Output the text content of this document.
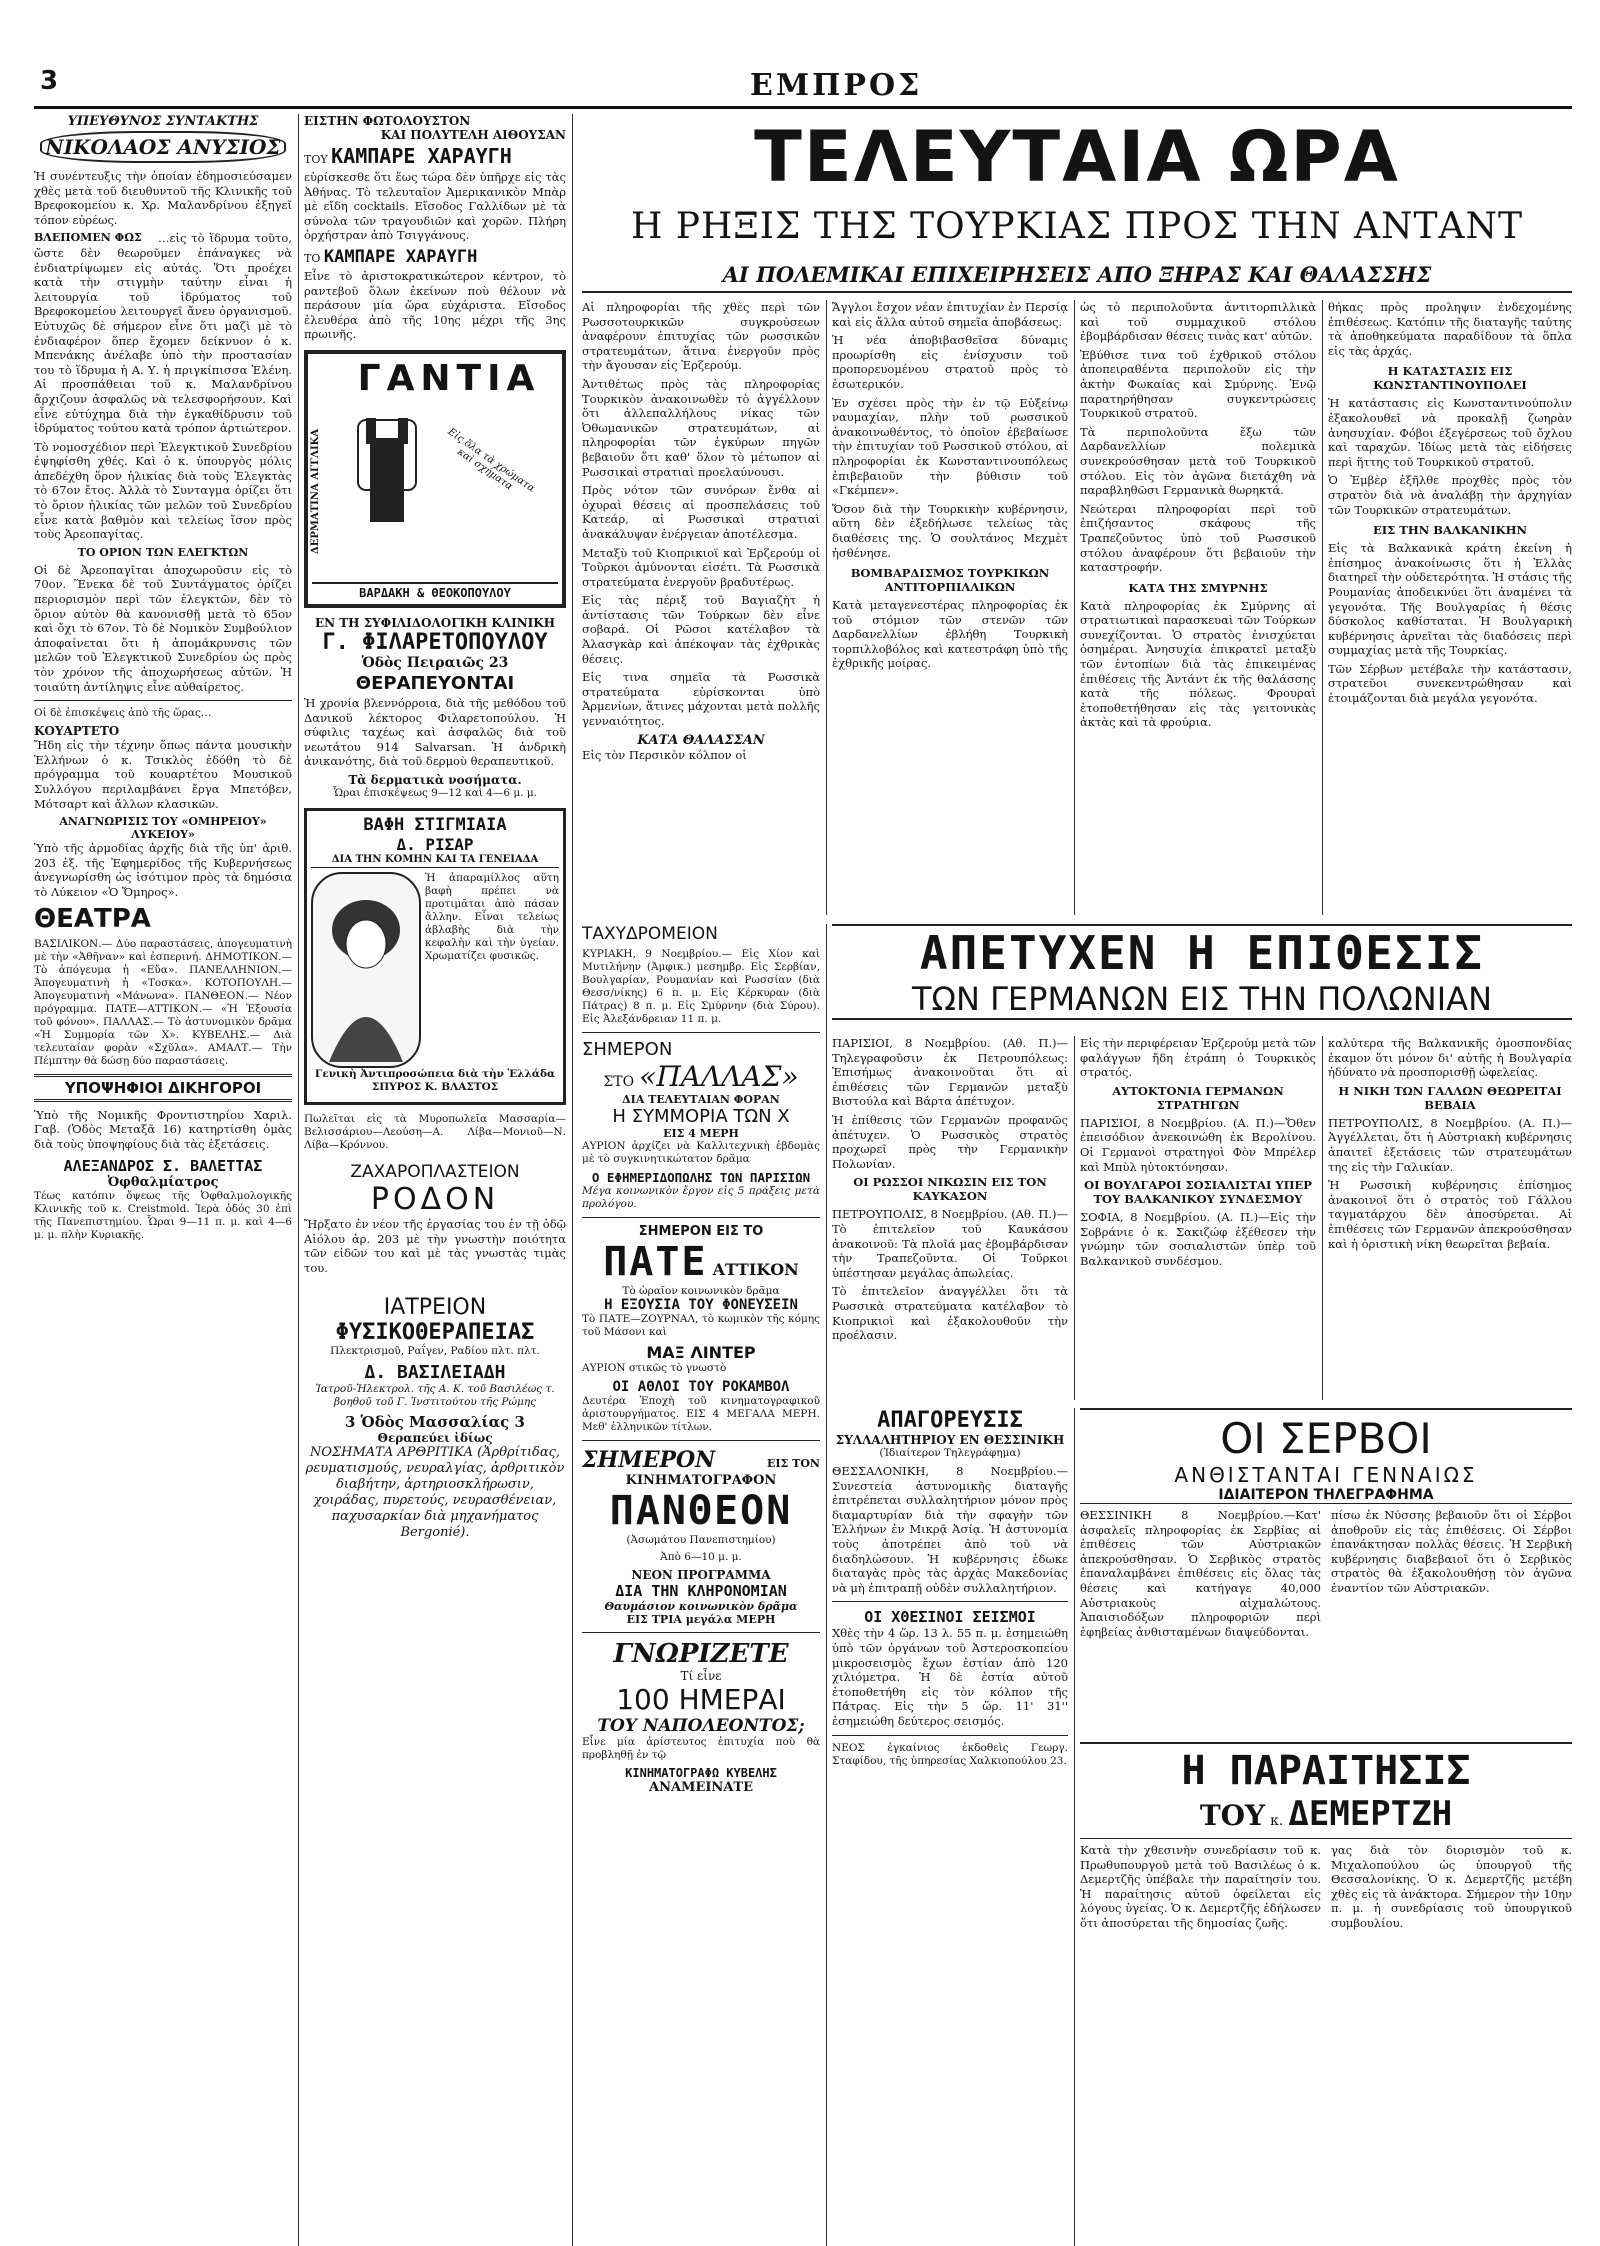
3	ΕΜΠΡΟΣ
ΥΠΕΥΘΥΝΟΣ ΣΥΝΤΑΚΤΗΣ
ΝΙΚΟΛΑΟΣ ΑΝΥΣΙΟΣ
Ἡ συνέντευξις τὴν ὁποίαν ἐδημοσιεύσαμεν χθὲς μετὰ τοῦ διευθυντοῦ τῆς Κλινικῆς τοῦ Βρεφοκομείου κ. Χρ. Μαλανδρίνου ἐξηγεῖ τόπον εὐρέως.
ΒΛΕΠΟΜΕΝ ΦΩΣ	…εἰς τὸ ἵδρυμα τοῦτο, ὥστε δὲν θεωροῦμεν ἐπάναγκες νὰ ἐνδιατρίψωμεν εἰς αὐτάς. Ὅτι προέχει κατὰ τὴν στιγμὴν ταύτην εἶναι ἡ λειτουργία τοῦ ἱδρύματος τοῦ Βρεφοκομείου λειτουργεῖ ἄνευ ὀργανισμοῦ. Εὐτυχῶς δὲ σήμερον εἶνε ὅτι μαζὶ μὲ τὸ ἐνδιαφέρον ὅπερ ἔχομεν δείκνυον ὁ κ. Μπενάκης ἀνέλαβε ὑπὸ τὴν προστασίαν του τὸ ἵδρυμα ἡ Α. Υ. ἡ πριγκίπισσα Ἑλένη. Αἱ προσπάθειαι τοῦ κ. Μαλανδρίνου ἄρχιζουν ἀσφαλῶς νὰ τελεσφορήσουν. Καὶ εἶνε εὐτύχημα διὰ τὴν ἐγκαθίδρυσιν τοῦ ἱδρύματος τούτου κατὰ τρόπον ἀρτιώτερον.
Τὸ νομοσχέδιον περὶ Ἐλεγκτικοῦ Συνεδρίου ἐψηφίσθη χθές. Καὶ ὁ κ. ὑπουργὸς μόλις ἀπεδέχθη ὅρον ἡλικίας διὰ τοὺς Ἐλεγκτὰς τὸ 67ον ἔτος. Ἀλλὰ τὸ Συνταγμα ὁρίζει ὅτι τὸ ὅριον ἡλικίας τῶν μελῶν τοῦ Συνεδρίου εἶνε κατὰ βαθμὸν καὶ τελείως ἴσον πρὸς τοὺς Ἀρεοπαγίτας.
ΤΟ ΟΡΙΟΝ ΤΩΝ ΕΛΕΓΚΤΩΝ
Οἱ δὲ Ἀρεοπαγῖται ἀποχωροῦσιν εἰς τὸ 70ον. Ἕνεκα δὲ τοῦ Συντάγματος ὁρίζει περιορισμὸν περὶ τῶν ἐλεγκτῶν, δὲν τὸ ὅριον αὐτὸν θὰ κανονισθῇ μετὰ τὸ 65ον καὶ ὄχι τὸ 67ον. Τὸ δὲ Νομικὸν Συμβούλιον ἀποφαίνεται ὅτι ἡ ἀπομάκρυνσις τῶν μελῶν τοῦ Ἐλεγκτικοῦ Συνεδρίου ὡς πρὸς τὸν χρόνον τῆς ἀποχωρήσεως αὐτῶν. Ἡ τοιαύτη ἀντίληψις εἶνε αὐθαίρετος.
Οἱ δὲ ἐπισκέψεις ἀπὸ τῆς ὥρας…
ΚΟΥΑΡΤΕΤΟ
Ἤδη εἰς τὴν τέχνην ὅπως πάντα μουσικὴν Ἑλλήνων ὁ κ. Τσικλὸς ἐδόθη τὸ δὲ πρόγραμμα τοῦ κουαρτέτου Μουσικοῦ Συλλόγου περιλαμβάνει ἔργα Μπετόβεν, Μότσαρτ καὶ ἄλλων κλασικῶν.
ΑΝΑΓΝΩΡΙΣΙΣ ΤΟΥ «ΟΜΗΡΕΙΟΥ» ΛΥΚΕΙΟΥ»
Ὑπὸ τῆς ἀρμοδίας ἀρχῆς διὰ τῆς ὑπ' ἀριθ. 203 ἐξ. τῆς Ἐφημερίδος τῆς Κυβερνήσεως ἀνεγνωρίσθη ὡς ἰσότιμον πρὸς τὰ δημόσια τὸ Λύκειον «Ὁ Ὅμηρος».
ΘΕΑΤΡΑ
ΒΑΣΙΛΙΚΟΝ.— Δύο παραστάσεις, ἀπογευματινὴ μὲ τὴν «Ἀθῆναν» καὶ ἐσπερινή. ΔΗΜΟΤΙΚΟΝ.— Τὸ ἀπόγευμα ἡ «Εὔα». ΠΑΝΕΛΛΗΝΙΟΝ.— Ἀπογευματινὴ ἡ «Τοσκα». ΚΟΤΟΠΟΥΛΗ.— Ἀπογευματινὴ «Μάνωνα». ΠΑΝΘΕΟΝ.— Νέον πρόγραμμα. ΠΑΤΕ—ΑΤΤΙΚΟΝ.— «Ἡ Ἐξουσία τοῦ φόνου». ΠΑΛΛΑΣ.— Τὸ ἀστυνομικὸν δρᾶμα «Ἡ Συμμορία τῶν Χ». ΚΥΒΕΛΗΣ.— Διὰ τελευταίαν φορὰν «Σχῦλα». ΑΜΑΛΤ.— Τὴν Πέμπτην θὰ δώσῃ δύο παραστάσεις.
ΥΠΟΨΗΦΙΟΙ ΔΙΚΗΓΟΡΟΙ
Ὑπὸ τῆς Νομικῆς Φροντιστηρίου Χαριλ. Γαβ. (Ὁδὸς Μεταξᾶ 16) κατηρτίσθη ὁμὰς διὰ τοὺς ὑποψηφίους διὰ τὰς ἐξετάσεις.
ΑΛΕΞΑΝΔΡΟΣ Σ. ΒΑΛΕΤΤΑΣ
Ὀφθαλμίατρος
Τέως κατόπιν ὄψεως τῆς Ὀφθαλμολογικῆς Κλινικῆς τοῦ κ. Creistmold. Ἱερὰ ὁδός 30 ἐπὶ τῆς Πανεπιστημίου. Ὧραι 9—11 π. μ. καὶ 4—6 μ. μ. πλὴν Κυριακῆς.
ΕΙΣΤΗΝ ΦΩΤΟΛΟΥΣΤΟΝ
ΚΑΙ ΠΟΛΥΤΕΛΗ ΑΙΘΟΥΣΑΝ
ΤΟΥ ΚΑΜΠΑΡΕ ΧΑΡΑΥΓΗ
εὑρίσκεσθε ὅτι ἕως τώρα δὲν ὑπῆρχε εἰς τὰς Ἀθήνας. Τὸ τελευταῖον Ἀμερικανικὸν Μπὰρ μὲ εἴδη cocktails. Εἴσοδος Γαλλίδων μὲ τὰ σύνολα τῶν τραγουδιῶν καὶ χορῶν. Πλήρη ὀρχήστραν ἀπὸ Τσιγγάνους.
ΤΟ ΚΑΜΠΑΡΕ ΧΑΡΑΥΓΗ
Εἶνε τὸ ἀριστοκρατικώτερον κέντρον, τὸ ραντεβοῦ ὅλων ἐκείνων ποὺ θέλουν νὰ περάσουν μία ὥρα εὐχάριστα. Εἴσοδος ἐλευθέρα ἀπὸ τῆς 10ης μέχρι τῆς 3ης πρωινῆς.
ΓΑΝΤΙΑ
ΔΕΡΜΑΤΙΝΑ ΑΓΓΛΙΚΑ	Εἰς ὅλα τὰ χρώματα καὶ σχήματα
ΒΑΡΔΑΚΗ & ΘΕΟΚΟΠΟΥΛΟΥ
ΕΝ ΤΗ ΣΥΦΙΛΙΔΟΛΟΓΙΚΗ ΚΛΙΝΙΚΗ
Γ. ΦΙΛΑΡΕΤΟΠΟΥΛΟΥ
Ὁδὸς Πειραιῶς 23
ΘΕΡΑΠΕΥΟΝΤΑΙ
Ἡ χρονία βλεννόρροια, διὰ τῆς μεθόδου τοῦ Δανικοῦ λέκτορος Φιλαρετοπούλου. Ἡ σύφιλις ταχέως καὶ ἀσφαλῶς διὰ τοῦ νεωτάτου 914 Salvarsan. Ἡ ἀνδρικὴ ἀνικανότης, διὰ τοῦ δερμοὺ θεραπευτικοῦ.
Τὰ δερματικὰ νοσήματα.
Ὧραι ἐπισκέψεως 9—12 καὶ 4—6 μ. μ.
ΒΑΦΗ ΣΤΙΓΜΙΑΙΑ
Δ. ΡΙΣΑΡ
ΔΙΑ ΤΗΝ ΚΟΜΗΝ ΚΑΙ ΤΑ ΓΕΝΕΙΑΔΑ
Ἡ ἀπαραμίλλος αὕτη βαφὴ πρέπει νὰ προτιμᾶται ἀπὸ πάσαν ἄλλην. Εἶναι τελείως ἀβλαβὴς διὰ τὴν κεφαλὴν καὶ τὴν ὑγείαν. Χρωματίζει φυσικῶς.
Γενικὴ Ἀντιπροσώπεια διὰ τὴν Ἑλλάδα ΣΠΥΡΟΣ Κ. ΒΛΑΣΤΟΣ
Πωλεῖται εἰς τὰ Μυροπωλεῖα Μασσαρία—Βελισσάριου—Λεούση—Α. Λίβα—Μονιοῦ—Ν. Λίβα—Κρόννου.
ΖΑΧΑΡΟΠΛΑΣΤΕΙΟΝ
ΡΟΔΟΝ
Ἤρξατο ἐν νέον τῆς ἐργασίας του ἐν τῇ ὁδῷ Αἰόλου ἀρ. 203 μὲ τὴν γνωστὴν ποιότητα τῶν εἰδῶν του καὶ μὲ τὰς γνωστὰς τιμὰς του.
ΙΑΤΡΕΙΟΝ
ΦΥΣΙΚΟΘΕΡΑΠΕΙΑΣ
Πλεκτρισμοῦ, Ραΐγεν, Ραδίου πλτ. πλτ.
Δ. ΒΑΣΙΛΕΙΑΔΗ
Ἰατροῦ-Ἠλεκτρολ. τῆς Α. Κ. τοῦ Βασιλέως τ. βοηθοῦ τοῦ Γ. Ἰνστιτούτου τῆς Ρώμης
3 Ὁδὸς Μασσαλίας 3
Θεραπεύει ἰδίως
ΝΟΣΗΜΑΤΑ ΑΡΘΡΙΤΙΚΑ (Ἀρθρίτιδας, ρευματισμούς, νευραλγίας, ἀρθριτικὸν διαβήτην, ἀρτηριοσκλήρωσιν, χοιράδας, πυρετούς, νευρασθένειαν, παχυσαρκίαν διὰ μηχανήματος Bergonié).
ΤΕΛΕΥΤΑΙΑ ΩΡΑ
Η ΡΗΞΙΣ ΤΗΣ ΤΟΥΡΚΙΑΣ ΠΡΟΣ ΤΗΝ ΑΝΤΑΝΤ
ΑΙ ΠΟΛΕΜΙΚΑΙ ΕΠΙΧΕΙΡΗΣΕΙΣ ΑΠΟ ΞΗΡΑΣ ΚΑΙ ΘΑΛΑΣΣΗΣ
Αἱ πληροφορίαι τῆς χθὲς περὶ τῶν Ρωσσοτουρκικῶν συγκρούσεων ἀναφέρουν ἐπιτυχίας τῶν ρωσσικῶν στρατευμάτων, ἅτινα ἐνεργοῦν πρὸς τὴν ἄγουσαν εἰς Ἐρζερούμ.
Ἀντιθέτως πρὸς τὰς πληροφορίας Τουρκικὸν ἀνακοινωθὲν τὸ ἀγγέλλουν ὅτι ἀλλεπαλλήλους νίκας τῶν Ὀθωμανικῶν στρατευμάτων, αἱ πληροφορίαι τῶν ἐγκύρων πηγῶν βεβαιοῦν ὅτι καθ' ὅλον τὸ μέτωπον αἱ Ρωσσικαὶ στρατιαὶ προελαύνουσι.
Πρὸς νότον τῶν συνόρων ἔνθα αἱ ὀχυραὶ θέσεις αἱ προσπελάσεις τοῦ Κατεάρ, αἱ Ρωσσικαὶ στρατιαὶ ἀνακάλυψαν ἐνέργειαν ἀποτέλεσμα.
Μεταξὺ τοῦ Κιοπρικιοϊ καὶ Ἐρζερούμ οἱ Τοῦρκοι ἀμύνονται εἰσέτι. Τὰ Ρωσσικὰ στρατεύματα ἐνεργοῦν βραδυτέρως.
Εἰς τὰς πέριξ τοῦ Βαγιαζὴτ ἡ ἀντίστασις τῶν Τούρκων δὲν εἶνε σοβαρά. Οἱ Ρῶσοι κατέλαβον τὰ Ἀλασγκὰρ καὶ ἀπέκοψαν τὰς ἐχθρικὰς θέσεις.
Εἰς τινα σημεῖα τὰ Ρωσσικὰ στρατεύματα εὑρίσκονται ὑπὸ Ἀρμενίων, ἅτινες μάχονται μετὰ πολλῆς γενναιότητος.
ΚΑΤΑ ΘΑΛΑΣΣΑΝ
Εἰς τὸν Περσικὸν κόλπον οἱ
Ἄγγλοι ἔσχον νέαν ἐπιτυχίαν ἐν Περσίᾳ καὶ εἰς ἄλλα αὐτοῦ σημεῖα ἀποβάσεως.
Ἡ νέα ἀποβιβασθεῖσα δύναμις προωρίσθη εἰς ἐνίσχυσιν τοῦ προπορευομένου στρατοῦ πρὸς τὸ ἐσωτερικόν.
Ἐν σχέσει πρὸς τὴν ἐν τῷ Εὐξείνῳ ναυμαχίαν, πλὴν τοῦ ρωσσικοῦ ἀνακοινωθέντος, τὸ ὁποῖον ἐβεβαίωσε τὴν ἐπιτυχίαν τοῦ Ρωσσικοῦ στόλου, αἱ πληροφορίαι ἐκ Κωνσταντινουπόλεως ἐπιβεβαιοῦν τὴν βύθισιν τοῦ «Γκέμπεν».
Ὅσον διὰ τὴν Τουρκικὴν κυβέρνησιν, αὕτη δὲν ἐξεδήλωσε τελείως τὰς διαθέσεις της. Ὁ σουλτάνος Μεχμὲτ ἠσθένησε.
ΒΟΜΒΑΡΔΙΣΜΟΣ ΤΟΥΡΚΙΚΩΝ ΑΝΤΙΤΟΡΠΙΛΛΙΚΩΝ
Κατὰ μεταγενεστέρας πληροφορίας ἐκ τοῦ στόμιον τῶν στενῶν τῶν Δαρδανελλίων ἐβλήθη Τουρκικὴ τορπιλλοβόλος καὶ κατεστράφη ὑπὸ τῆς ἐχθρικῆς μοίρας.
ὡς τὸ περιπολοῦντα ἀντιτορπιλλικὰ καὶ τοῦ συμμαχικοῦ στόλου ἐβομβάρδισαν θέσεις τινὰς κατ' αὐτῶν.
Ἐβύθισε τινα τοῦ ἐχθρικοῦ στόλου ἀποπειραθέντα περιπολοῦν εἰς τὴν ἀκτὴν Φωκαίας καὶ Σμύρνης. Ἐνῷ παρατηρήθησαν συγκεντρώσεις Τουρκικοῦ στρατοῦ.
Τὰ περιπολοῦντα ἔξω τῶν Δαρδανελλίων πολεμικὰ συνεκρούσθησαν μετὰ τοῦ Τουρκικοῦ στόλου. Εἰς τὸν ἀγῶνα διετάχθη νὰ παραβληθῶσι Γερμανικὰ θωρηκτά.
Νεώτεραι πληροφορίαι περὶ τοῦ ἐπιζήσαντος σκάφους τῆς Τραπεζοῦντος ὑπὸ τοῦ Ρωσσικοῦ στόλου ἀναφέρουν ὅτι βεβαιοῦν τὴν καταστροφήν.
ΚΑΤΑ ΤΗΣ ΣΜΥΡΝΗΣ
Κατὰ πληροφορίας ἐκ Σμύρνης αἱ στρατιωτικαὶ παρασκευαὶ τῶν Τούρκων συνεχίζονται. Ὁ στρατὸς ἐνισχύεται ὁσημέραι. Ἀνησυχία ἐπικρατεῖ μεταξὺ τῶν ἐντοπίων διὰ τὰς ἐπικειμένας ἐπιθέσεις τῆς Ἀντάντ ἐκ τῆς θαλάσσης κατὰ τῆς πόλεως. Φρουραὶ ἐτοποθετήθησαν εἰς τὰς γειτονικὰς ἀκτὰς καὶ τὰ φρούρια.
θήκας πρὸς προληψιν ἐνδεχομένης ἐπιθέσεως. Κατόπιν τῆς διαταγῆς ταύτης τὰ ἀποθηκεύματα παραδίδουν τὰ ὅπλα εἰς τὰς ἀρχάς.
Η ΚΑΤΑΣΤΑΣΙΣ ΕΙΣ ΚΩΝΣΤΑΝΤΙΝΟΥΠΟΛΕΙ
Ἡ κατάστασις εἰς Κωνσταντινούπολιν ἐξακολουθεῖ νὰ προκαλῇ ζωηρὰν ἀνησυχίαν. Φόβοι ἐξεγέρσεως τοῦ ὄχλου καὶ ταραχῶν. Ἰδίως μετὰ τὰς εἰδήσεις περὶ ἥττης τοῦ Τουρκικοῦ στρατοῦ.
Ὁ Ἐμβὲρ ἐξῆλθε προχθὲς πρὸς τὸν στρατὸν διὰ νὰ ἀναλάβῃ τὴν ἀρχηγίαν τῶν Τουρκικῶν στρατευμάτων.
ΕΙΣ ΤΗΝ ΒΑΛΚΑΝΙΚΗΝ
Εἰς τὰ Βαλκανικὰ κράτη ἐκείνη ἡ ἐπίσημος ἀνακοίνωσις ὅτι ἡ Ἑλλὰς διατηρεῖ τὴν οὐδετερότητα. Ἡ στάσις τῆς Ρουμανίας ἀποδεικνύει ὅτι ἀναμένει τὰ γεγονότα. Τῆς Βουλγαρίας ἡ θέσις δύσκολος καθίσταται. Ἡ Βουλγαρικὴ κυβέρνησις ἀρνεῖται τὰς διαδόσεις περὶ συμμαχίας μετὰ τῆς Τουρκίας.
Τῶν Σέρβων μετέβαλε τὴν κατάστασιν, στρατεῦοι συνεκεντρώθησαν καὶ ἑτοιμάζονται διὰ μεγάλα γεγονότα.
ΤΑΧΥΔΡΟΜΕΙΟΝ
ΚΥΡΙΑΚΗ, 9 Νοεμβρίου.— Εἰς Χίον καὶ Μυτιλήνην (Ἀμφικ.) μεσημβρ. Εἰς Σερβίαν, Βουλγαρίαν, Ρουμανίαν καὶ Ρωσσίαν (διὰ Θεσσ/νίκης) 6 π. μ. Εἰς Κέρκυραν (διὰ Πάτρας) 8 π. μ. Εἰς Σμύρνην (διὰ Σύρου). Εἰς Ἀλεξάνδρειαν 11 π. μ.
ΣΗΜΕΡΟΝ
ΣΤΟ «ΠΑΛΛΑΣ»
ΔΙΑ ΤΕΛΕΥΤΑΙΑΝ ΦΟΡΑΝ
Η ΣΥΜΜΟΡΙΑ ΤΩΝ Χ
ΕΙΣ 4 ΜΕΡΗ
ΑΥΡΙΟΝ ἀρχίζει νὰ Καλλιτεχνικὴ ἐβδομὰς μὲ τὸ συγκινητικώτατον δρᾶμα
Ο ΕΦΗΜΕΡΙΔΟΠΩΛΗΣ ΤΩΝ ΠΑΡΙΣΙΩΝ
Μέγα κοινωνικὸν ἔργον εἰς 5 πράξεις μετὰ προλόγου.
ΣΗΜΕΡΟΝ ΕΙΣ ΤΟ
ΠΑΤΕ ΑΤΤΙΚΟΝ
Τὸ ὡραῖον κοινωνικὸν δρᾶμα
Η ΕΞΟΥΣΙΑ ΤΟΥ ΦΟΝΕΥΣΕΙΝ
Τὸ ΠΑΤΕ—ΖΟΥΡΝΑΛ, τὸ κωμικὸν τῆς κόμης τοῦ Μάσονι καὶ
ΜΑΞ ΛΙΝΤΕΡ
ΑΥΡΙΟΝ στικῶς τὸ γνωστὸ
ΟΙ ΑΘΛΟΙ ΤΟΥ ΡΟΚΑΜΒΟΛ
Δευτέρα Ἐποχὴ τοῦ κινηματογραφικοῦ ἀριστουργήματος. ΕΙΣ 4 ΜΕΓΑΛΑ ΜΕΡΗ. Μεθ' ἑλληνικῶν τίτλων.
ΣΗΜΕΡΟΝ	ΕΙΣ ΤΟΝ
ΚΙΝΗΜΑΤΟΓΡΑΦΟΝ
ΠΑΝΘΕΟΝ
(Ἀσωμάτου Πανεπιστημίου)
Ἀπὸ 6—10 μ. μ.
ΝΕΟΝ ΠΡΟΓΡΑΜΜΑ
ΔΙΑ ΤΗΝ ΚΛΗΡΟΝΟΜΙΑΝ
Θαυμάσιον κοινωνικὸν δρᾶμα
ΕΙΣ ΤΡΙΑ μεγάλα ΜΕΡΗ
ΓΝΩΡΙΖΕΤΕ
Τί εἶνε
100 ΗΜΕΡΑΙ
ΤΟΥ ΝΑΠΟΛΕΟΝΤΟΣ;
Εἶνε μία ἀρίστευτος ἐπιτυχία ποὺ θὰ προβληθῇ ἐν τῷ
ΚΙΝΗΜΑΤΟΓΡΑΦΩ ΚΥΒΕΛΗΣ
ΑΝΑΜΕΙΝΑΤΕ
ΑΠΕΤΥΧΕΝ Η ΕΠΙΘΕΣΙΣ
ΤΩΝ ΓΕΡΜΑΝΩΝ ΕΙΣ ΤΗΝ ΠΟΛΩΝΙΑΝ
ΠΑΡΙΣΙΟΙ, 8 Νοεμβρίου. (Αθ. Π.)—Τηλεγραφοῦσιν ἐκ Πετρουπόλεως: Ἐπισήμως ἀνακοινοῦται ὅτι αἱ ἐπιθέσεις τῶν Γερμανῶν μεταξὺ Βιστούλα καὶ Βάρτα ἀπέτυχον.
Ἡ ἐπίθεσις τῶν Γερμανῶν προφανῶς ἀπέτυχεν. Ὁ Ρωσσικὸς στρατὸς προχωρεῖ πρὸς τὴν Γερμανικὴν Πολωνίαν.
ΟΙ ΡΩΣΣΟΙ ΝΙΚΩΣΙΝ ΕΙΣ ΤΟΝ ΚΑΥΚΑΣΟΝ
ΠΕΤΡΟΥΠΟΛΙΣ, 8 Νοεμβρίου. (Αθ. Π.)—Τὸ ἐπιτελεῖον τοῦ Καυκάσου ἀνακοινοῦ: Τὰ πλοῖά μας ἐβομβάρδισαν τὴν Τραπεζοῦντα. Οἱ Τοῦρκοι ὑπέστησαν μεγάλας ἀπωλείας.
Τὸ ἐπιτελεῖον ἀναγγέλλει ὅτι τὰ Ρωσσικὰ στρατεύματα κατέλαβον τὸ Κιοπρικιοὶ καὶ ἐξακολουθοῦν τὴν προέλασιν.
Εἰς τὴν περιφέρειαν Ἐρζερούμ μετὰ τῶν φαλάγγων ἤδη ἐτράπη ὁ Τουρκικὸς στρατός.
ΑΥΤΟΚΤΟΝΙΑ ΓΕΡΜΑΝΩΝ ΣΤΡΑΤΗΓΩΝ
ΠΑΡΙΣΙΟΙ, 8 Νοεμβρίου. (Α. Π.)—Ὄθεν ἐπεισόδιον ἀνεκοινώθη ἐκ Βερολίνου. Οἱ Γερμανοὶ στρατηγοὶ Φὸν Μπρέλερ καὶ Μπὺλ ηὐτοκτόνησαν.
ΟΙ ΒΟΥΛΓΑΡΟΙ ΣΟΣΙΑΛΙΣΤΑΙ ΥΠΕΡ ΤΟΥ ΒΑΛΚΑΝΙΚΟΥ ΣΥΝΔΕΣΜΟΥ
ΣΟΦΙΑ, 8 Νοεμβρίου. (Α. Π.)—Εἰς τὴν Σοβράνιε ὁ κ. Σακιζώφ ἐξέθεσεν τὴν γνώμην τῶν σοσιαλιστῶν ὑπὲρ τοῦ Βαλκανικοῦ συνδέσμου.
καλύτερα τῆς Βαλκανικῆς ὁμοσπονδίας ἐκαμον ὅτι μόνον δι' αὐτῆς ἡ Βουλγαρία ἠδύνατο νὰ προσπορισθῇ ὠφελείας.
Η ΝΙΚΗ ΤΩΝ ΓΑΛΛΩΝ ΘΕΩΡΕΙΤΑΙ ΒΕΒΑΙΑ
ΠΕΤΡΟΥΠΟΛΙΣ, 8 Νοεμβρίου. (Α. Π.)—Ἀγγέλλεται, ὅτι ἡ Αὐστριακὴ κυβέρνησις ἀπαιτεῖ ἐξετάσεις τῶν στρατευμάτων της εἰς τὴν Γαλικίαν.
Ἡ Ρωσσικὴ κυβέρνησις ἐπίσημος ἀνακοινοῖ ὅτι ὁ στρατὸς τοῦ Γάλλου ταγματάρχου δὲν ἀποσύρεται. Αἱ ἐπιθέσεις τῶν Γερμανῶν ἀπεκρούσθησαν καὶ ἡ ὁριστικὴ νίκη θεωρεῖται βεβαία.
ΑΠΑΓΟΡΕΥΣΙΣ
ΣΥΛΛΑΛΗΤΗΡΙΟΥ ΕΝ ΘΕΣΣΙΝΙΚΗ
(Ἰδιαίτερον Τηλεγράφημα)
ΘΕΣΣΑΛΟΝΙΚΗ, 8 Νοεμβρίου.—Συνεστεία ἀστυνομικῆς διαταγῆς ἐπιτρέπεται συλλαλητήριον μόνον πρὸς διαμαρτυρίαν διὰ τὴν σφαγὴν τῶν Ἑλλήνων ἐν Μικρᾷ Ἀσίᾳ. Ἡ ἀστυνομία τοὺς ἀποτρέπει ἀπὸ τοῦ νὰ διαδηλώσουν. Ἡ κυβέρνησις ἐδωκε διαταγὰς πρὸς τὰς ἀρχὰς Μακεδονίας νὰ μὴ ἐπιτραπῇ οὐδὲν συλλαλητήριον.
ΟΙ ΧΘΕΣΙΝΟΙ ΣΕΙΣΜΟΙ
Χθὲς τὴν 4 ὥρ. 13 λ. 55 π. μ. ἐσημειώθη ὑπὸ τῶν ὀργάνων τοῦ Ἀστεροσκοπείου μικροσεισμὸς ἔχων ἐστίαν ἀπὸ 120 χιλιόμετρα. Ἡ δὲ ἐστία αὐτοῦ ἐτοποθετήθη εἰς τὸν κόλπον τῆς Πάτρας. Εἰς τὴν 5 ὥρ. 11' 31'' ἐσημειώθη δεύτερος σεισμός.
ΝΕΟΣ ἐγκαίνιος ἐκδοθεὶς Γεωργ. Σταφίδου, τῆς ὑπηρεσίας Χαλκιοπούλου 23.
ΟΙ ΣΕΡΒΟΙ
ΑΝΘΙΣΤΑΝΤΑΙ ΓΕΝΝΑΙΩΣ
ΙΔΙΑΙΤΕΡΟΝ ΤΗΛΕΓΡΑΦΗΜΑ
ΘΕΣΣΙΝΙΚΗ 8 Νοεμβρίου.—Κατ' ἀσφαλεῖς πληροφορίας ἐκ Σερβίας αἱ ἐπιθέσεις τῶν Αὐστριακῶν ἀπεκρούσθησαν. Ὁ Σερβικὸς στρατὸς ἐπαναλαμβάνει ἐπιθέσεις εἰς ὅλας τὰς θέσεις καὶ κατήγαγε 40,000 Αὐστριακοὺς αἰχμαλώτους. Ἀπαισιοδόξων πληροφοριῶν περὶ ἐφηβείας ἀνθισταμένων διαψεύδονται.
πίσω ἐκ Νύσσης βεβαιοῦν ὅτι οἱ Σέρβοι ἀποθροῦν εἰς τὰς ἐπιθέσεις. Οἱ Σέρβοι ἐπανάκτησαν πολλὰς θέσεις. Ἡ Σερβικὴ κυβέρνησις διαβεβαιοῖ ὅτι ὁ Σερβικὸς στρατὸς θὰ ἐξακολουθήσῃ τὸν ἀγῶνα ἐναντίον τῶν Αὐστριακῶν.
Η ΠΑΡΑΙΤΗΣΙΣ
ΤΟΥ κ. ΔΕΜΕΡΤΖΗ
Κατὰ τὴν χθεσινὴν συνεδρίασιν τοῦ κ. Πρωθυπουργοῦ μετὰ τοῦ Βασιλέως ὁ κ. Δεμερτζῆς ὑπέβαλε τὴν παραίτησίν του. Ἡ παραίτησις αὐτοῦ ὀφείλεται εἰς λόγους ὑγείας. Ὁ κ. Δεμερτζῆς ἐδήλωσεν ὅτι ἀποσύρεται τῆς δημοσίας ζωῆς.
γας διὰ τὸν διορισμὸν τοῦ κ. Μιχαλοπούλου ὡς ὑπουργοῦ τῆς Θεσσαλονίκης. Ὁ κ. Δεμερτζῆς μετέβη χθὲς εἰς τὰ ἀνάκτορα. Σήμερον τὴν 10ην π. μ. ἡ συνεδρίασις τοῦ ὑπουργικοῦ συμβουλίου.
